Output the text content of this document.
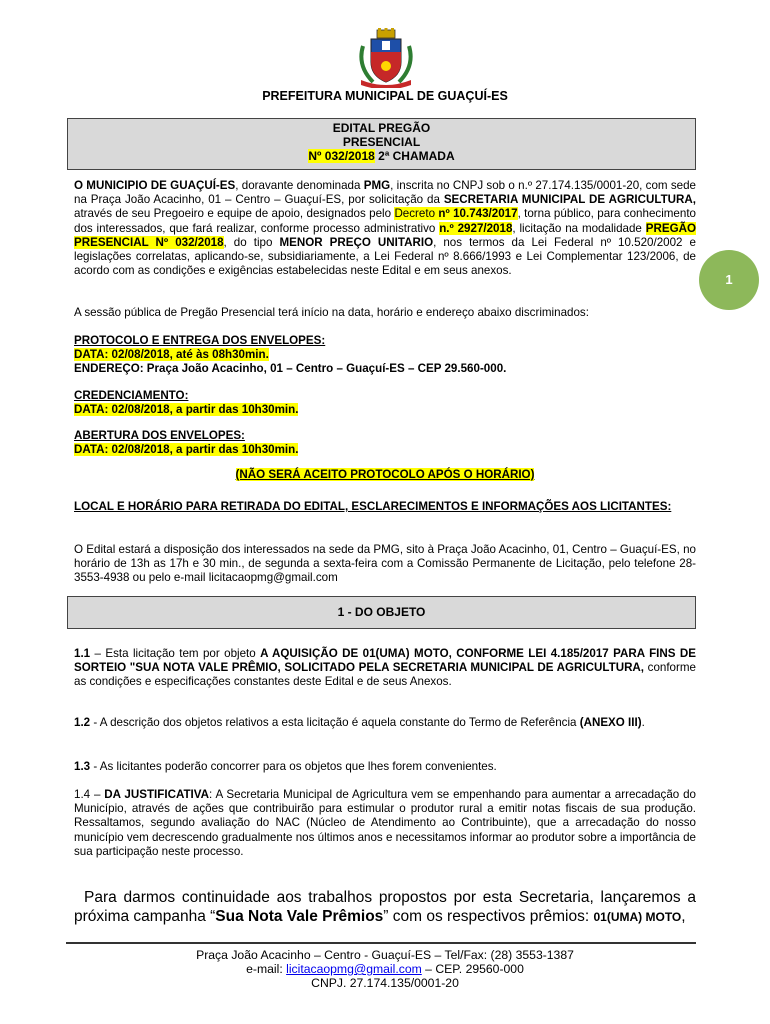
PREFEITURA MUNICIPAL DE GUAÇUÍ-ES
EDITAL PREGÃO
PRESENCIAL
Nº 032/2018 2ª CHAMADA

O MUNICIPIO DE GUAÇUÍ-ES, doravante denominada PMG, inscrita no CNPJ sob o n.º 27.174.135/0001-20, com sede na Praça João Acacinho, 01 – Centro – Guaçuí-ES, por solicitação da SECRETARIA MUNICIPAL DE AGRICULTURA, através de seu Pregoeiro e equipe de apoio, designados pelo Decreto nº 10.743/2017, torna público, para conhecimento dos interessados, que fará realizar, conforme processo administrativo n.º 2927/2018, licitação na modalidade PREGÃO PRESENCIAL Nº 032/2018, do tipo MENOR PREÇO UNITARIO, nos termos da Lei Federal nº 10.520/2002 e legislações correlatas, aplicando-se, subsidiariamente, a Lei Federal nº 8.666/1993 e Lei Complementar 123/2006, de acordo com as condições e exigências estabelecidas neste Edital e em seus anexos.

1
A sessão pública de Pregão Presencial terá início na data, horário e endereço abaixo discriminados:
PROTOCOLO E ENTREGA DOS ENVELOPES:
DATA: 02/08/2018, até às 08h30min.
ENDEREÇO: Praça João Acacinho, 01 – Centro – Guaçuí-ES – CEP 29.560-000.
CREDENCIAMENTO:
DATA: 02/08/2018, a partir das 10h30min.
ABERTURA DOS ENVELOPES:
DATA: 02/08/2018, a partir das 10h30min.
(NÃO SERÁ ACEITO PROTOCOLO APÓS O HORÁRIO)
LOCAL E HORÁRIO PARA RETIRADA DO EDITAL, ESCLARECIMENTOS E INFORMAÇÕES AOS LICITANTES:
O Edital estará a disposição dos interessados na sede da PMG, sito à Praça João Acacinho, 01, Centro – Guaçuí-ES, no horário de 13h as 17h e 30 min., de segunda a sexta-feira com a Comissão Permanente de Licitação, pelo telefone 28-3553-4938 ou pelo e-mail licitacaopmg@gmail.com
1 - DO OBJETO
1.1 – Esta licitação tem por objeto A AQUISIÇÃO DE 01(UMA) MOTO, CONFORME LEI 4.185/2017 PARA FINS DE SORTEIO "SUA NOTA VALE PRÊMIO, SOLICITADO PELA SECRETARIA MUNICIPAL DE AGRICULTURA, conforme as condições e especificações constantes deste Edital e de seus Anexos.
1.2 - A descrição dos objetos relativos a esta licitação é aquela constante do Termo de Referência (ANEXO III).
1.3 - As licitantes poderão concorrer para os objetos que lhes forem convenientes.
1.4 – DA JUSTIFICATIVA: A Secretaria Municipal de Agricultura vem se empenhando para aumentar a arrecadação do Município, através de ações que contribuirão para estimular o produtor rural a emitir notas fiscais de sua produção. Ressaltamos, segundo avaliação do NAC (Núcleo de Atendimento ao Contribuinte), que a arrecadação do nosso município vem decrescendo gradualmente nos últimos anos e necessitamos informar ao produtor sobre a importância de sua participação neste processo.
Para darmos continuidade aos trabalhos propostos por esta Secretaria, lançaremos a próxima campanha “Sua Nota Vale Prêmios” com os respectivos prêmios: 01(UMA) MOTO,
Praça João Acacinho – Centro - Guaçuí-ES – Tel/Fax: (28) 3553-1387
e-mail: licitacaopmg@gmail.com – CEP. 29560-000
CNPJ. 27.174.135/0001-20
